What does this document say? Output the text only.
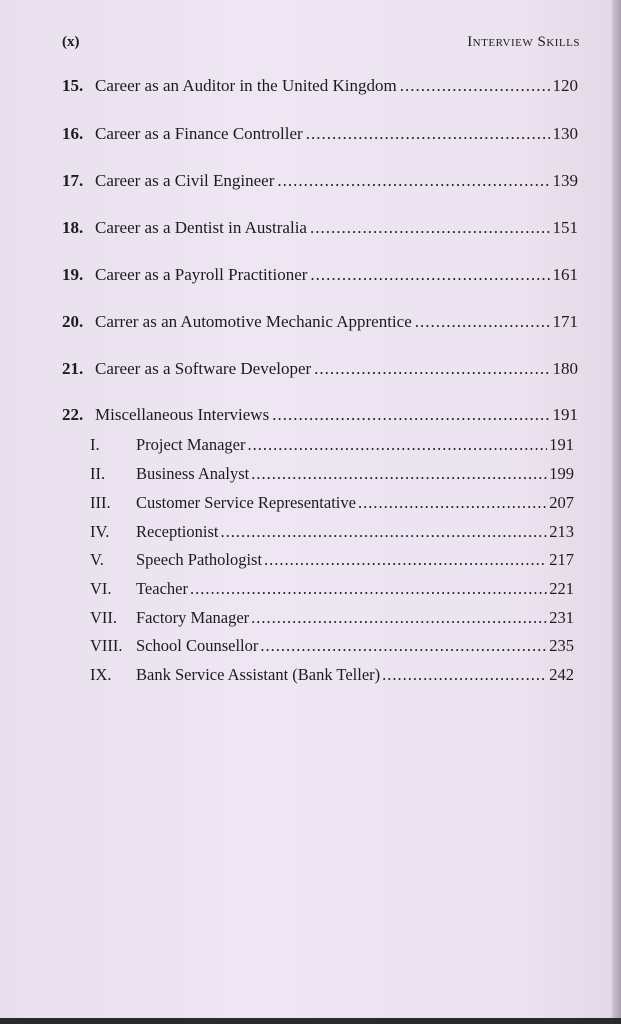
(x)	Interview Skills
15. Career as an Auditor in the United Kingdom .....	120
16. Career as a Finance Controller .....	130
17. Career as a Civil Engineer .....	139
18. Career as a Dentist in Australia .....	151
19. Career as a Payroll Practitioner .....	161
20. Carrer as an Automotive Mechanic Apprentice .....	171
21. Career as a Software Developer .....	180
22. Miscellaneous Interviews .....	191
I.	Project Manager .....	191
II.	Business Analyst .....	199
III.	Customer Service Representative .....	207
IV.	Receptionist .....	213
V.	Speech Pathologist .....	217
VI.	Teacher .....	221
VII.	Factory Manager .....	231
VIII. School Counsellor .....	235
IX.	Bank Service Assistant (Bank Teller) .....	242
